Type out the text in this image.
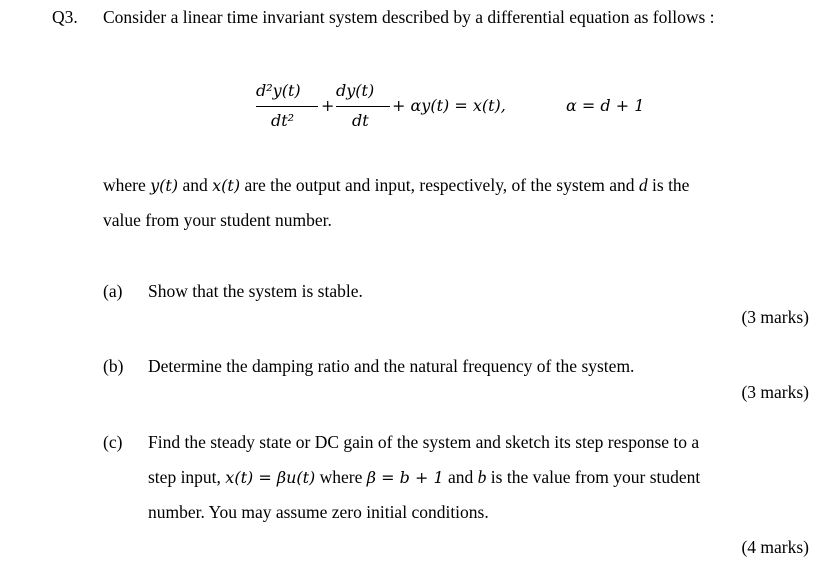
Q3. Consider a linear time invariant system described by a differential equation as follows :
d²y(t)
dt²
+
dy(t)
dt
+ αy(t) = x(t),	α = d + 1
where y(t) and x(t) are the output and input, respectively, of the system and d is the
value from your student number.
(a) Show that the system is stable.
(3 marks)
(b) Determine the damping ratio and the natural frequency of the system.
(3 marks)
(c) Find the steady state or DC gain of the system and sketch its step response to a
step input, x(t) = βu(t) where β = b + 1 and b is the value from your student
number. You may assume zero initial conditions.
(4 marks)
